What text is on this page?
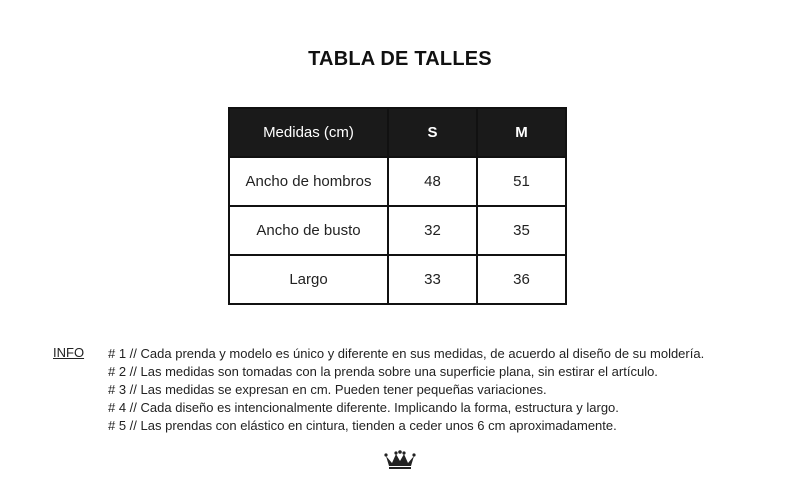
TABLA DE TALLES
Medidas (cm)	S	M
Ancho de hombros	48	51
Ancho de busto	32	35
Largo	33	36
INFO # 1 // Cada prenda y modelo es único y diferente en sus medidas, de acuerdo al diseño de su moldería.
# 2 // Las medidas son tomadas con la prenda sobre una superficie plana, sin estirar el artículo.
# 3 // Las medidas se expresan en cm. Pueden tener pequeñas variaciones.
# 4 // Cada diseño es intencionalmente diferente. Implicando la forma, estructura y largo.
# 5 // Las prendas con elástico en cintura, tienden a ceder unos 6 cm aproximadamente.
